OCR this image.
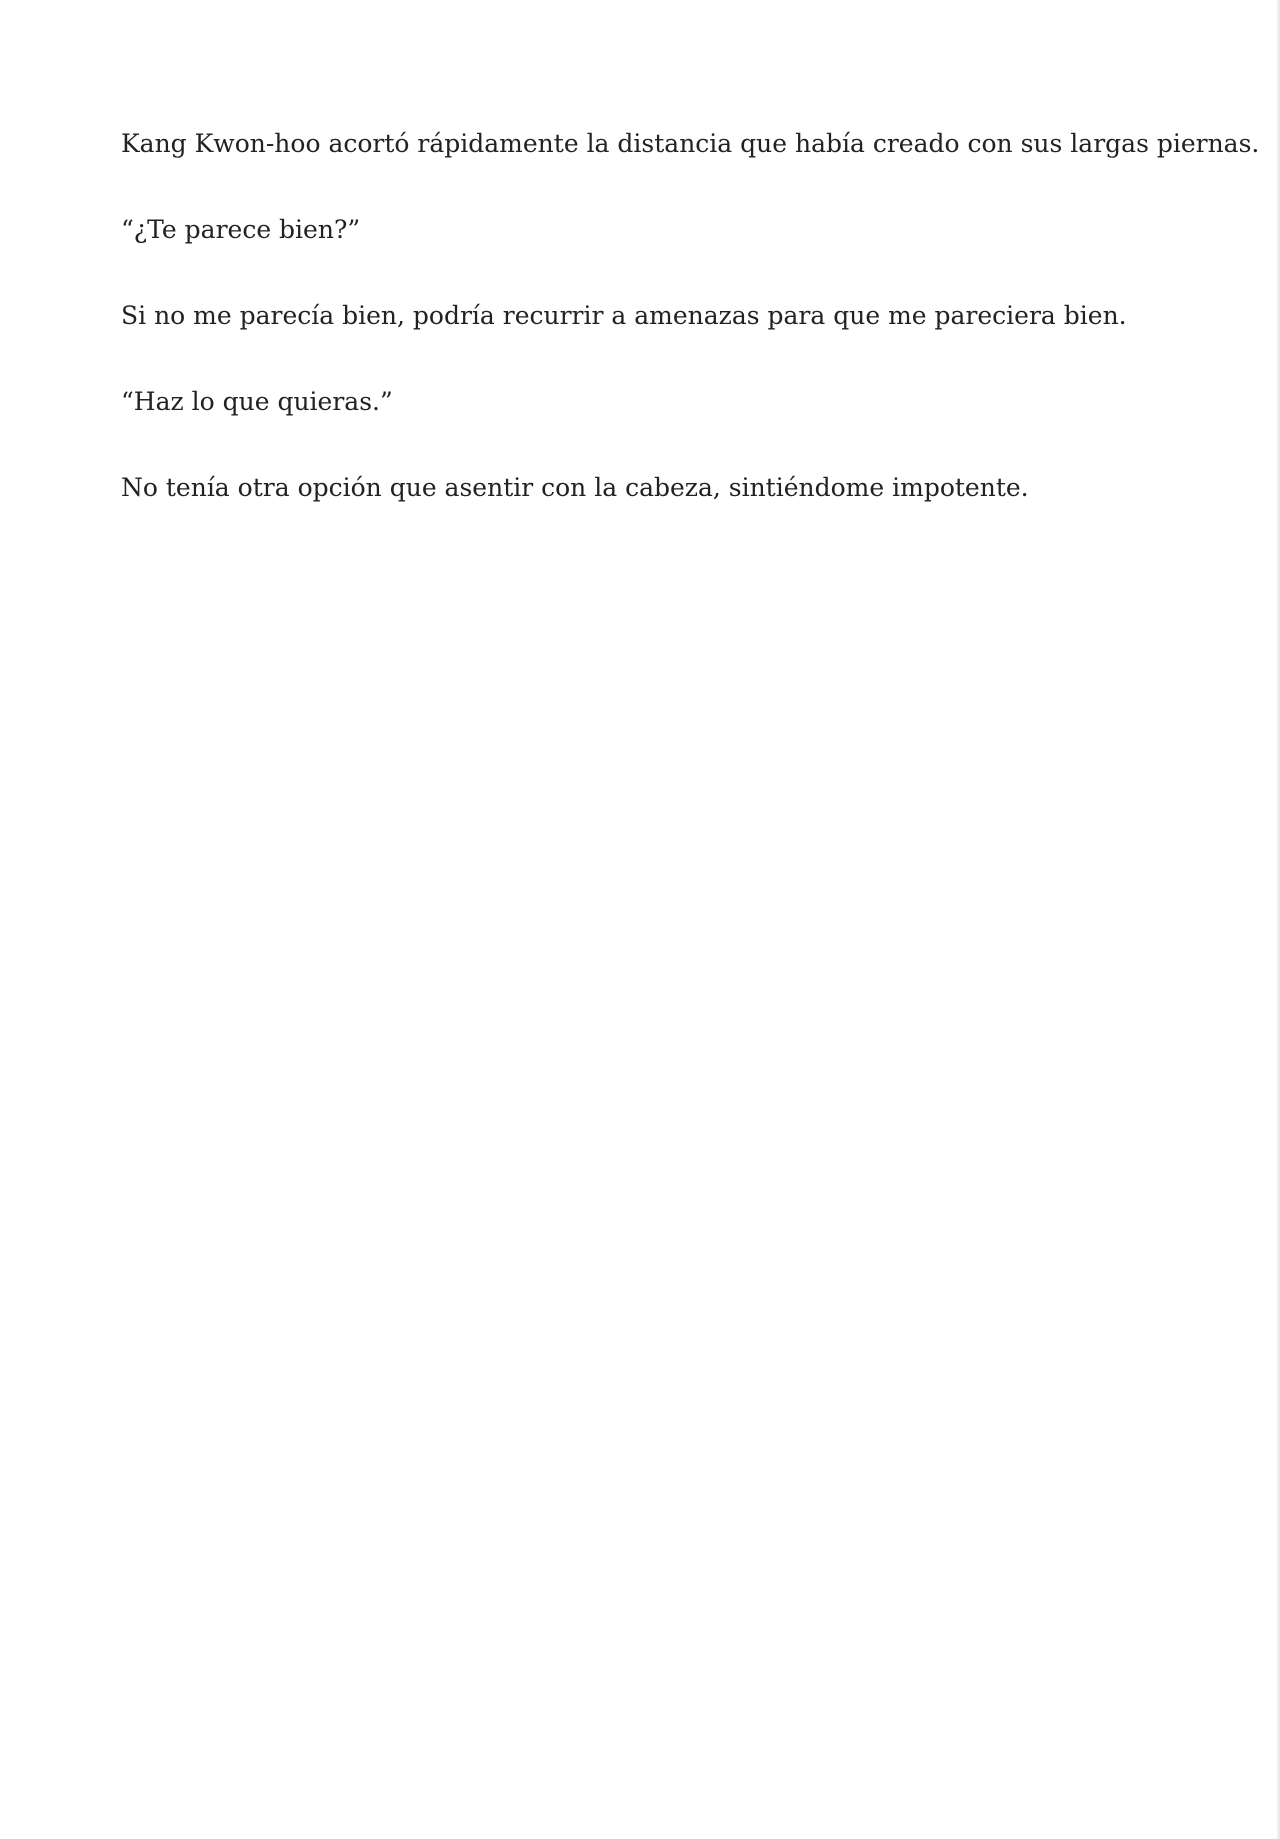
Kang Kwon-hoo acortó rápidamente la distancia que había creado con sus largas piernas.

“¿Te parece bien?”

Si no me parecía bien, podría recurrir a amenazas para que me pareciera bien.

“Haz lo que quieras.”

No tenía otra opción que asentir con la cabeza, sintiéndome impotente.
